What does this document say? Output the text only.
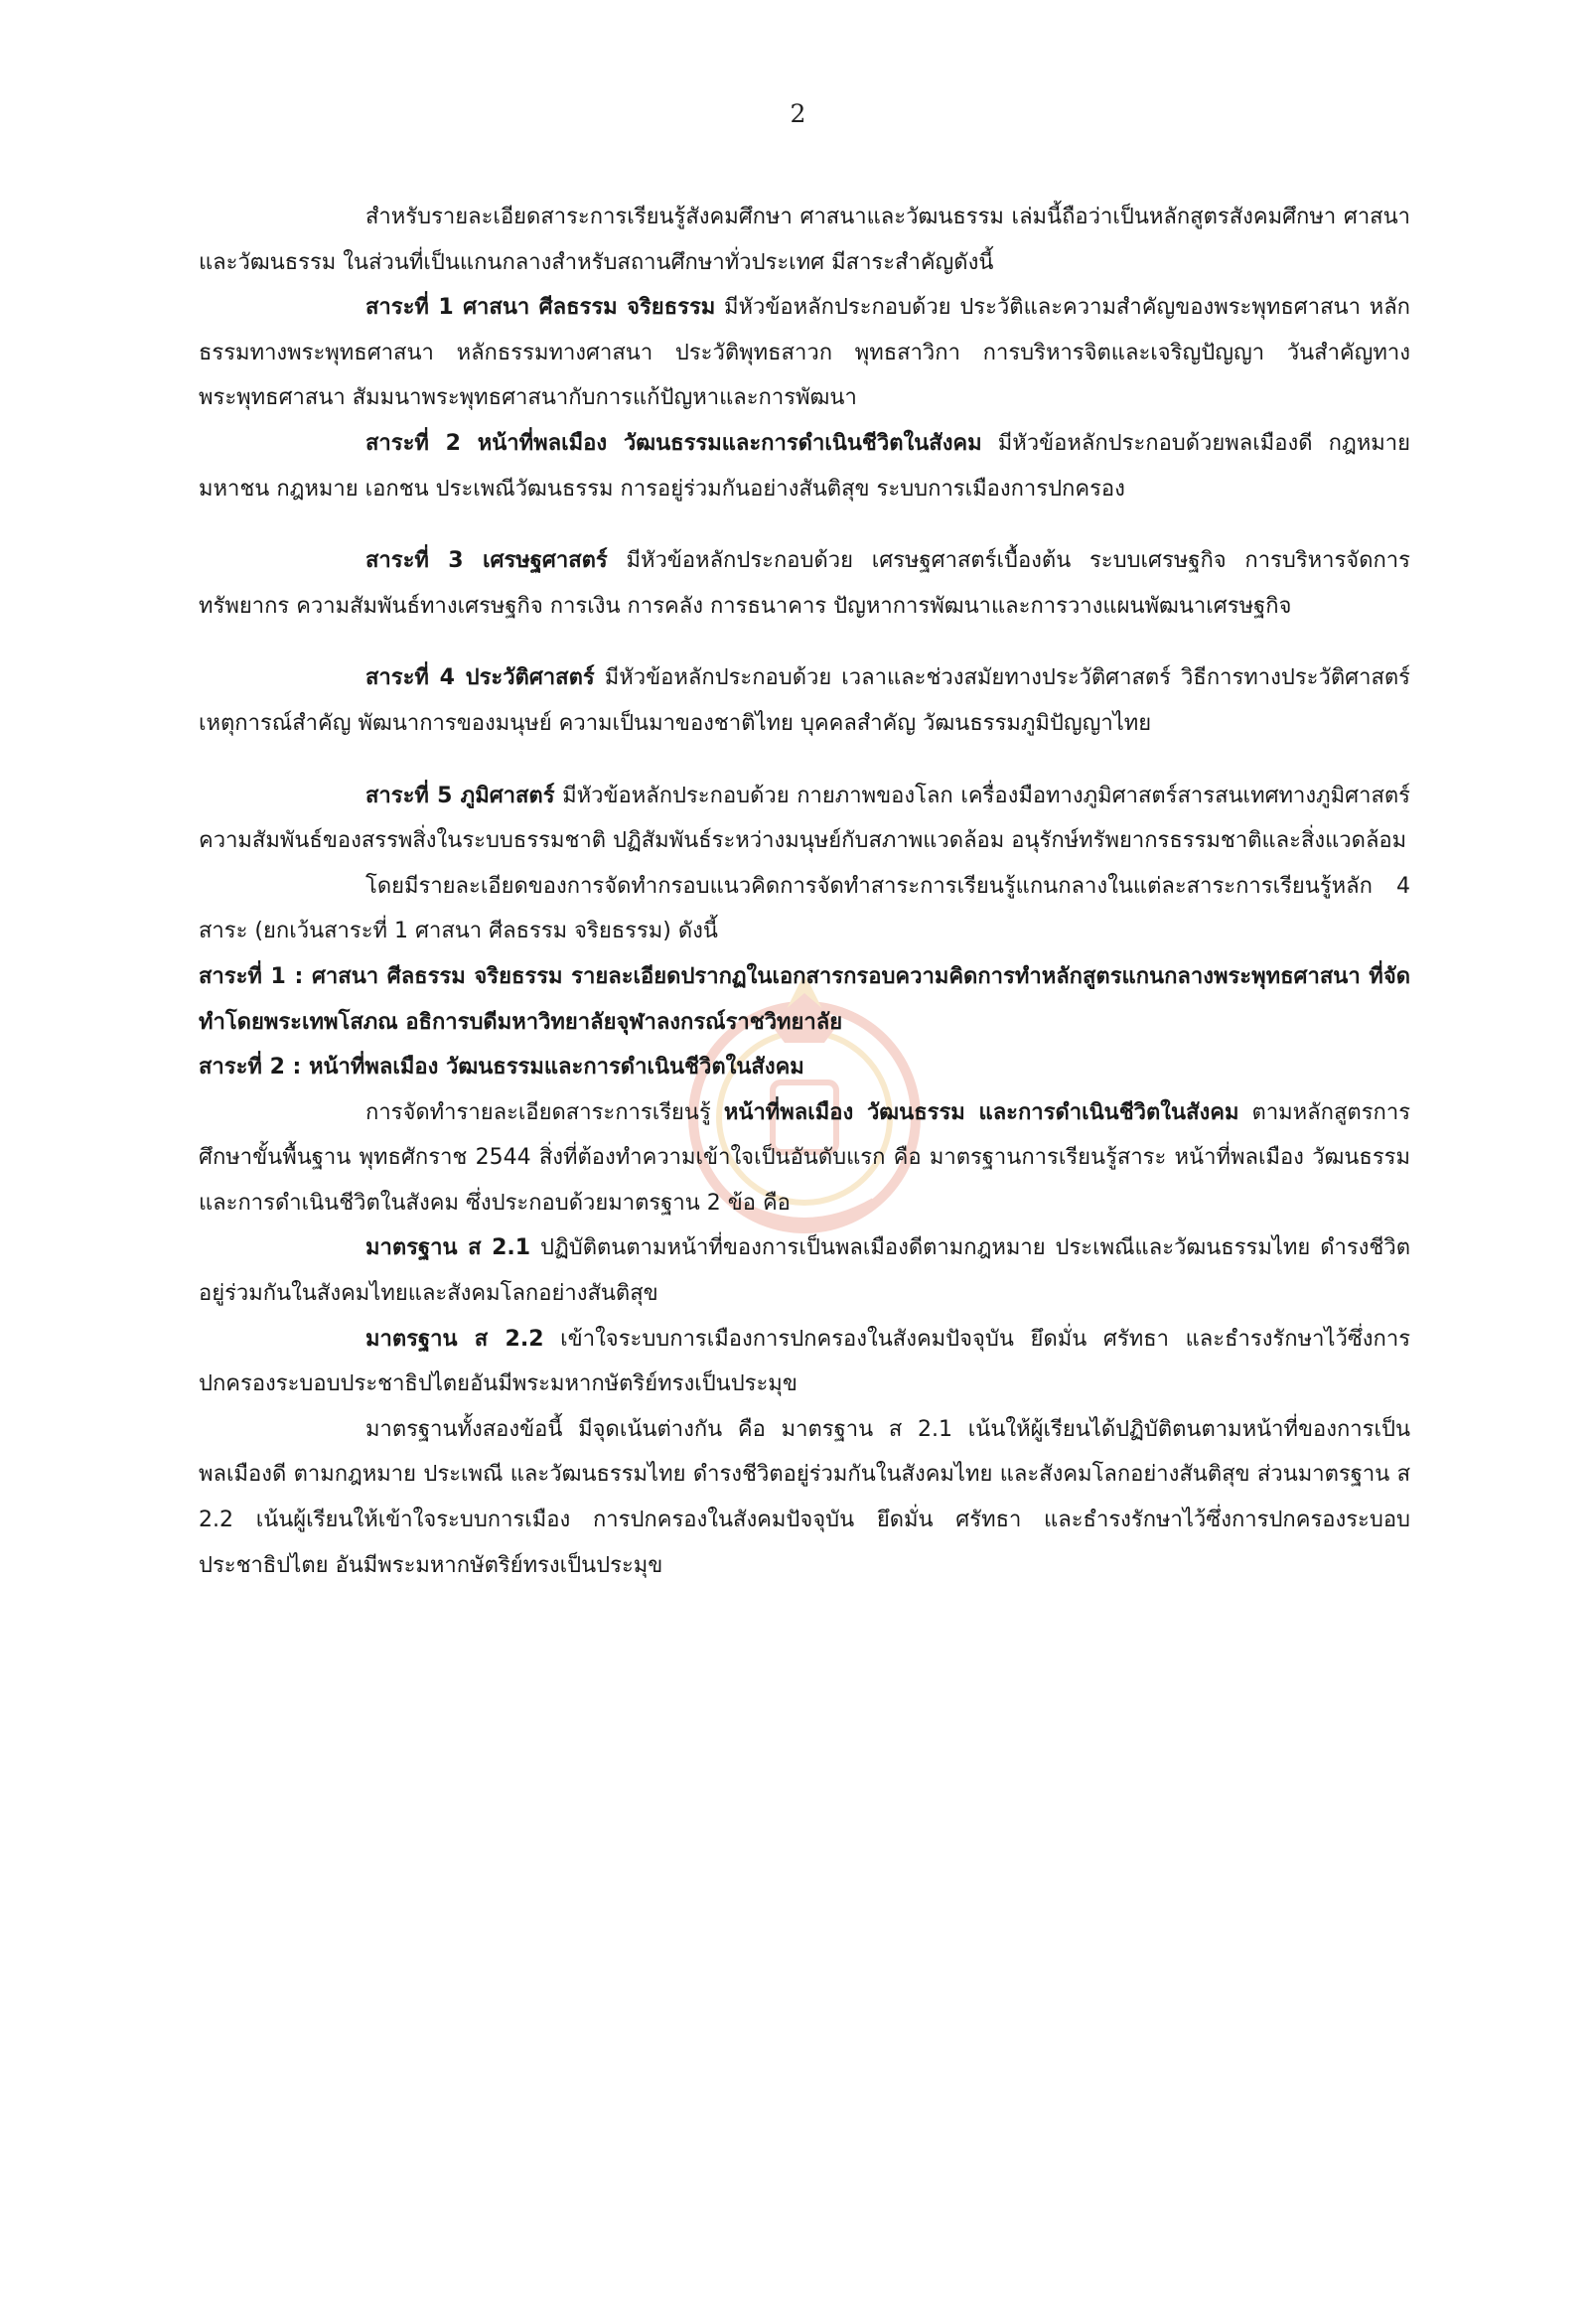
2

สำหรับรายละเอียดสาระการเรียนรู้สังคมศึกษา ศาสนาและวัฒนธรรม เล่มนี้ถือว่าเป็นหลักสูตรสังคมศึกษา ศาสนาและวัฒนธรรม ในส่วนที่เป็นแกนกลางสำหรับสถานศึกษาทั่วประเทศ มีสาระสำคัญดังนี้

สาระที่ 1 ศาสนา ศีลธรรม จริยธรรม มีหัวข้อหลักประกอบด้วย ประวัติและความสำคัญของพระพุทธศาสนา หลักธรรมทางพระพุทธศาสนา หลักธรรมทางศาสนา ประวัติพุทธสาวก พุทธสาวิกา การบริหารจิตและเจริญปัญญา วันสำคัญทางพระพุทธศาสนา สัมมนาพระพุทธศาสนากับการแก้ปัญหาและการพัฒนา

สาระที่ 2 หน้าที่พลเมือง วัฒนธรรมและการดำเนินชีวิตในสังคม มีหัวข้อหลักประกอบด้วยพลเมืองดี กฎหมายมหาชน กฎหมาย เอกชน ประเพณีวัฒนธรรม การอยู่ร่วมกันอย่างสันติสุข ระบบการเมืองการปกครอง

สาระที่ 3 เศรษฐศาสตร์ มีหัวข้อหลักประกอบด้วย เศรษฐศาสตร์เบื้องต้น ระบบเศรษฐกิจ การบริหารจัดการทรัพยากร ความสัมพันธ์ทางเศรษฐกิจ การเงิน การคลัง การธนาคาร ปัญหาการพัฒนาและการวางแผนพัฒนาเศรษฐกิจ

สาระที่ 4 ประวัติศาสตร์ มีหัวข้อหลักประกอบด้วย เวลาและช่วงสมัยทางประวัติศาสตร์ วิธีการทางประวัติศาสตร์ เหตุการณ์สำคัญ พัฒนาการของมนุษย์ ความเป็นมาของชาติไทย บุคคลสำคัญ วัฒนธรรมภูมิปัญญาไทย

สาระที่ 5 ภูมิศาสตร์ มีหัวข้อหลักประกอบด้วย กายภาพของโลก เครื่องมือทางภูมิศาสตร์สารสนเทศทางภูมิศาสตร์ ความสัมพันธ์ของสรรพสิ่งในระบบธรรมชาติ ปฏิสัมพันธ์ระหว่างมนุษย์กับสภาพแวดล้อม อนุรักษ์ทรัพยากรธรรมชาติและสิ่งแวดล้อม

โดยมีรายละเอียดของการจัดทำกรอบแนวคิดการจัดทำสาระการเรียนรู้แกนกลางในแต่ละสาระการเรียนรู้หลัก 4 สาระ (ยกเว้นสาระที่ 1 ศาสนา ศีลธรรม จริยธรรม) ดังนี้

สาระที่ 1 : ศาสนา ศีลธรรม จริยธรรม รายละเอียดปรากฏในเอกสารกรอบความคิดการทำหลักสูตรแกนกลางพระพุทธศาสนา ที่จัดทำโดยพระเทพโสภณ อธิการบดีมหาวิทยาลัยจุฬาลงกรณ์ราชวิทยาลัย

สาระที่ 2 : หน้าที่พลเมือง วัฒนธรรมและการดำเนินชีวิตในสังคม

การจัดทำรายละเอียดสาระการเรียนรู้ หน้าที่พลเมือง วัฒนธรรม และการดำเนินชีวิตในสังคม ตามหลักสูตรการศึกษาขั้นพื้นฐาน พุทธศักราช 2544 สิ่งที่ต้องทำความเข้าใจเป็นอันดับแรก คือ มาตรฐานการเรียนรู้สาระ หน้าที่พลเมือง วัฒนธรรม และการดำเนินชีวิตในสังคม ซึ่งประกอบด้วยมาตรฐาน 2 ข้อ คือ

มาตรฐาน ส 2.1 ปฏิบัติตนตามหน้าที่ของการเป็นพลเมืองดีตามกฎหมาย ประเพณีและวัฒนธรรมไทย ดำรงชีวิตอยู่ร่วมกันในสังคมไทยและสังคมโลกอย่างสันติสุข

มาตรฐาน ส 2.2 เข้าใจระบบการเมืองการปกครองในสังคมปัจจุบัน ยึดมั่น ศรัทธา และธำรงรักษาไว้ซึ่งการปกครองระบอบประชาธิปไตยอันมีพระมหากษัตริย์ทรงเป็นประมุข

มาตรฐานทั้งสองข้อนี้ มีจุดเน้นต่างกัน คือ มาตรฐาน ส 2.1 เน้นให้ผู้เรียนได้ปฏิบัติตนตามหน้าที่ของการเป็นพลเมืองดี ตามกฎหมาย ประเพณี และวัฒนธรรมไทย ดำรงชีวิตอยู่ร่วมกันในสังคมไทย และสังคมโลกอย่างสันติสุข ส่วนมาตรฐาน ส 2.2 เน้นผู้เรียนให้เข้าใจระบบการเมือง การปกครองในสังคมปัจจุบัน ยึดมั่น ศรัทธา และธำรงรักษาไว้ซึ่งการปกครองระบอบประชาธิปไตย อันมีพระมหากษัตริย์ทรงเป็นประมุข
